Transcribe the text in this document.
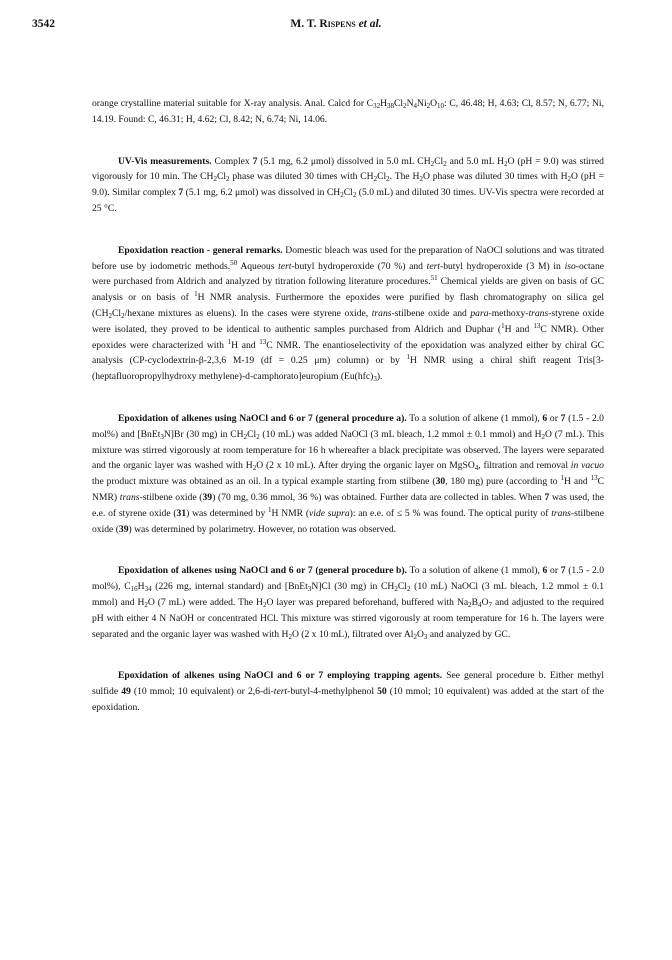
3542	M. T. Rispens et al.

orange crystalline material suitable for X-ray analysis. Anal. Calcd for $C_{32}H_{38}Cl_2N_4Ni_2O_{10}$: C, 46.48; H, 4.63; Cl, 8.57; N, 6.77; Ni, 14.19. Found: C, 46.31; H, 4.62; Cl, 8.42; N, 6.74; Ni, 14.06.

UV-Vis measurements. Complex 7 (5.1 mg, 6.2 μmol) dissolved in 5.0 mL $CH_2Cl_2$ and 5.0 mL $H_2O$ (pH = 9.0) was stirred vigorously for 10 min. The $CH_2Cl_2$ phase was diluted 30 times with $CH_2Cl_2$. The $H_2O$ phase was diluted 30 times with $H_2O$ (pH = 9.0). Similar complex 7 (5.1 mg, 6.2 μmol) was dissolved in $CH_2Cl_2$ (5.0 mL) and diluted 30 times. UV-Vis spectra were recorded at 25 °C.

Epoxidation reaction - general remarks. Domestic bleach was used for the preparation of NaOCl solutions and was titrated before use by iodometric methods.$^{50}$ Aqueous tert-butyl hydroperoxide (70 %) and tert-butyl hydroperoxide (3 M) in iso-octane were purchased from Aldrich and analyzed by titration following literature procedures.$^{51}$ Chemical yields are given on basis of GC analysis or on basis of $^1$H NMR analysis. Furthermore the epoxides were purified by flash chromatography on silica gel ($CH_2Cl_2$/hexane mixtures as eluens). In the cases were styrene oxide, trans-stilbene oxide and para-methoxy-trans-styrene oxide were isolated, they proved to be identical to authentic samples purchased from Aldrich and Duphar ($^1$H and $^{13}$C NMR). Other epoxides were characterized with $^1$H and $^{13}$C NMR. The enantioselectivity of the epoxidation was analyzed either by chiral GC analysis (CP-cyclodextrin-β-2,3,6 M-19 (df = 0.25 μm) column) or by $^1$H NMR using a chiral shift reagent Tris[3-(heptafluoropropylhydroxy methylene)-d-camphorato]europium $(Eu(hfc)_3)$.

Epoxidation of alkenes using NaOCl and 6 or 7 (general procedure a). To a solution of alkene (1 mmol), 6 or 7 (1.5 - 2.0 mol%) and [BnEt$_3$N]Br (30 mg) in $CH_2Cl_2$ (10 mL) was added NaOCl (3 mL bleach, 1.2 mmol ± 0.1 mmol) and $H_2O$ (7 mL). This mixture was stirred vigorously at room temperature for 16 h whereafter a black precipitate was observed. The layers were separated and the organic layer was washed with $H_2O$ (2 x 10 mL). After drying the organic layer on MgSO$_4$, filtration and removal in vacuo the product mixture was obtained as an oil. In a typical example starting from stilbene (30, 180 mg) pure (according to $^1$H and $^{13}$C NMR) trans-stilbene oxide (39) (70 mg, 0.36 mmol, 36 %) was obtained. Further data are collected in tables. When 7 was used, the e.e. of styrene oxide (31) was determined by $^1$H NMR (vide supra): an e.e. of ≤ 5 % was found. The optical purity of trans-stilbene oxide (39) was determined by polarimetry. However, no rotation was observed.

Epoxidation of alkenes using NaOCl and 6 or 7 (general procedure b). To a solution of alkene (1 mmol), 6 or 7 (1.5 - 2.0 mol%), $C_{16}H_{34}$ (226 mg, internal standard) and [BnEt$_3$N]Cl (30 mg) in $CH_2Cl_2$ (10 mL) NaOCl (3 mL bleach, 1.2 mmol ± 0.1 mmol) and $H_2O$ (7 mL) were added. The $H_2O$ layer was prepared beforehand, buffered with $Na_2B_4O_7$ and adjusted to the required pH with either 4 N NaOH or concentrated HCl. This mixture was stirred vigorously at room temperature for 16 h. The layers were separated and the organic layer was washed with $H_2O$ (2 x 10 mL), filtrated over $Al_2O_3$ and analyzed by GC.

Epoxidation of alkenes using NaOCl and 6 or 7 employing trapping agents. See general procedure b. Either methyl sulfide 49 (10 mmol; 10 equivalent) or 2,6-di-tert-butyl-4-methylphenol 50 (10 mmol; 10 equivalent) was added at the start of the epoxidation.
